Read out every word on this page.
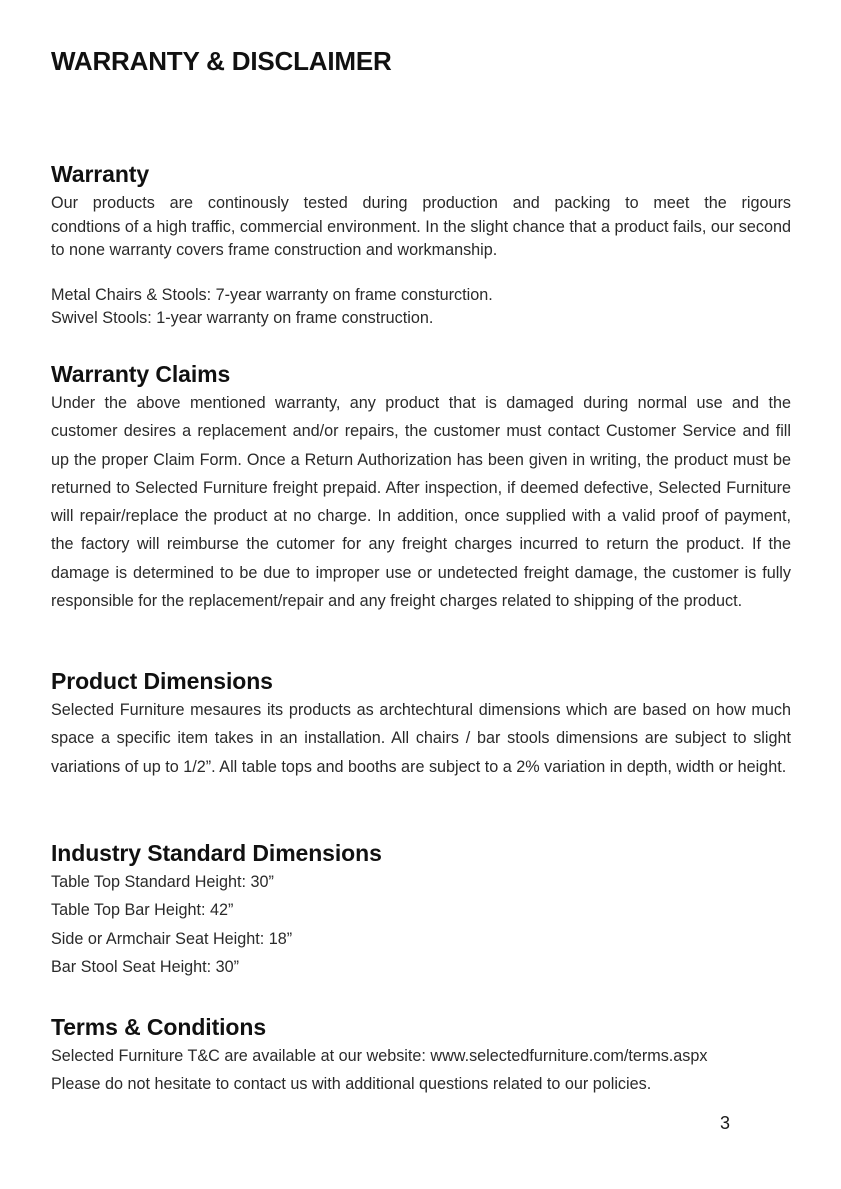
WARRANTY & DISCLAIMER
Warranty

Our products are continously tested during production and packing to meet the rigours

condtions of a high traffic, commercial environment. In the slight chance that a product fails, our second to none warranty covers frame construction and workmanship.

Metal Chairs & Stools: 7-year warranty on frame consturction.

Swivel Stools: 1-year warranty on frame construction.

Warranty Claims

Under the above mentioned warranty, any product that is damaged during normal use and the customer desires a replacement and/or repairs, the customer must contact Customer Service and fill up the proper Claim Form. Once a Return Authorization has been given in writing, the product must be returned to Selected Furniture freight prepaid. After inspection, if deemed defective, Selected Furniture will repair/replace the product at no charge. In addition, once supplied with a valid proof of payment, the factory will reimburse the cutomer for any freight charges incurred to return the product. If the damage is determined to be due to improper use or undetected freight damage, the customer is fully responsible for the replacement/repair and any freight charges related to shipping of the product.

Product Dimensions

Selected Furniture mesaures its products as archtechtural dimensions which are based on how much space a specific item takes in an installation. All chairs / bar stools dimensions are subject to slight variations of up to 1/2”. All table tops and booths are subject to a 2% variation in depth, width or height.

Industry Standard Dimensions

Table Top Standard Height: 30”

Table Top Bar Height: 42”

Side or Armchair Seat Height: 18”

Bar Stool Seat Height: 30”

Terms & Conditions

Selected Furniture T&C are available at our website: www.selectedfurniture.com/terms.aspx

Please do not hesitate to contact us with additional questions related to our policies.

3
